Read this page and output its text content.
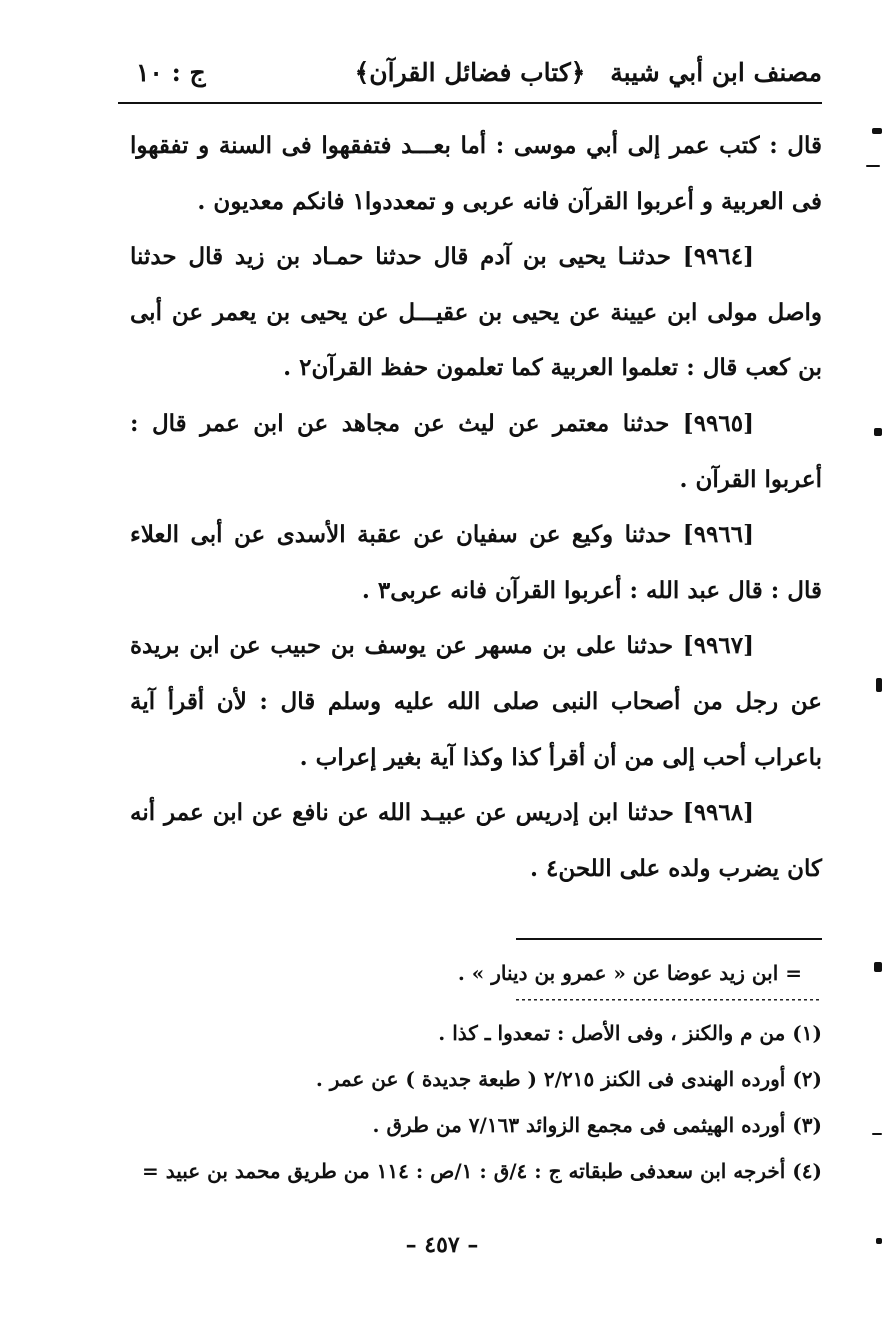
مصنف ابن أبي شيبة
﴿كتاب فضائل القرآن﴾
ج : ١٠

قال : كتب عمر إلى أبي موسى : أما بعـــد فتفقهوا فى السنة و تفقهوا فى العربية و أعربوا القرآن فانه عربى و تمعددوا١ فانكم معديون .

[٩٩٦٤] حدثنـا يحيى بن آدم قال حدثنا حمـاد بن زيد قال حدثنا واصل مولى ابن عيينة عن يحيى بن عقيـــل عن يحيى بن يعمر عن أبى بن كعب قال : تعلموا العربية كما تعلمون حفظ القرآن٢ .

[٩٩٦٥] حدثنا معتمر عن ليث عن مجاهد عن ابن عمر قال : أعربوا القرآن .

[٩٩٦٦] حدثنا وكيع عن سفيان عن عقبة الأسدى عن أبى العلاء قال : قال عبد الله : أعربوا القرآن فانه عربى٣ .

[٩٩٦٧] حدثنا على بن مسهر عن يوسف بن حبيب عن ابن بريدة عن رجل من أصحاب النبى صلى الله عليه وسلم قال : لأن أقرأ آية باعراب أحب إلى من أن أقرأ كذا وكذا آية بغير إعراب .

[٩٩٦٨] حدثنا ابن إدريس عن عبيـد الله عن نافع عن ابن عمر أنه كان يضرب ولده على اللحن٤ .

= ابن زيد عوضا عن « عمرو بن دينار » .

(١) من م والكنز ، وفى الأصل : تمعدوا ـ كذا .

(٢) أورده الهندى فى الكنز ٢/٢١٥ ( طبعة جديدة ) عن عمر .

(٣) أورده الهيثمى فى مجمع الزوائد ٧/١٦٣ من طرق .

(٤) أخرجه ابن سعدفى طبقاته ج : ٤/ق : ١/ص : ١١٤ من طريق محمد بن عبيد =

– ٤٥٧ –
